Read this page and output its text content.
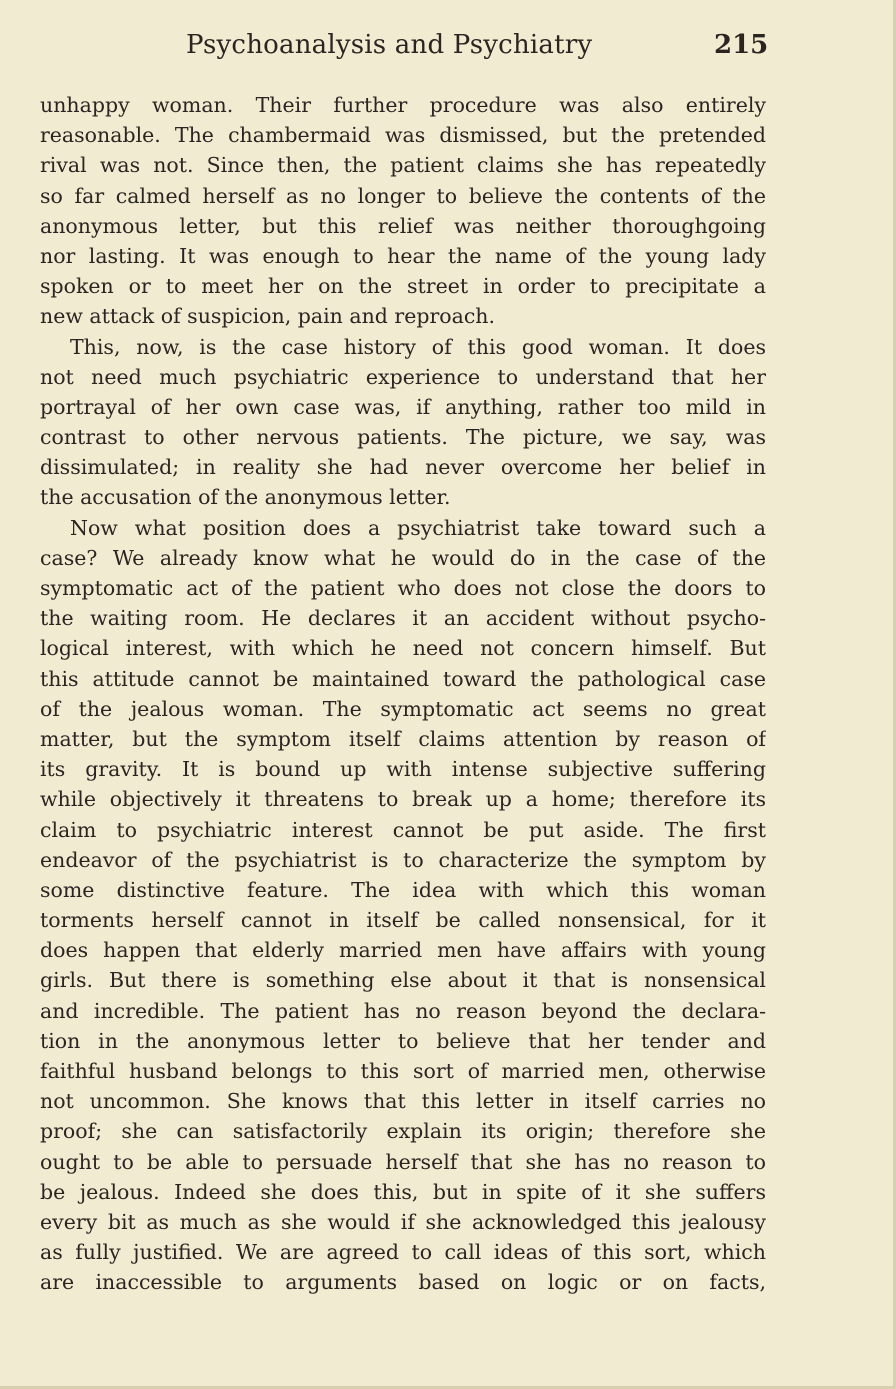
Psychoanalysis and Psychiatry	215
unhappy woman. Their further procedure was also entirely
reasonable. The chambermaid was dismissed, but the pretended
rival was not. Since then, the patient claims she has repeatedly
so far calmed herself as no longer to believe the contents of the
anonymous letter, but this relief was neither thoroughgoing
nor lasting. It was enough to hear the name of the young lady
spoken or to meet her on the street in order to precipitate a
new attack of suspicion, pain and reproach.
This, now, is the case history of this good woman. It does
not need much psychiatric experience to understand that her
portrayal of her own case was, if anything, rather too mild in
contrast to other nervous patients. The picture, we say, was
dissimulated; in reality she had never overcome her belief in
the accusation of the anonymous letter.
Now what position does a psychiatrist take toward such a
case? We already know what he would do in the case of the
symptomatic act of the patient who does not close the doors to
the waiting room. He declares it an accident without psycho-
logical interest, with which he need not concern himself. But
this attitude cannot be maintained toward the pathological case
of the jealous woman. The symptomatic act seems no great
matter, but the symptom itself claims attention by reason of
its gravity. It is bound up with intense subjective suffering
while objectively it threatens to break up a home; therefore its
claim to psychiatric interest cannot be put aside. The first
endeavor of the psychiatrist is to characterize the symptom by
some distinctive feature. The idea with which this woman
torments herself cannot in itself be called nonsensical, for it
does happen that elderly married men have affairs with young
girls. But there is something else about it that is nonsensical
and incredible. The patient has no reason beyond the declara-
tion in the anonymous letter to believe that her tender and
faithful husband belongs to this sort of married men, otherwise
not uncommon. She knows that this letter in itself carries no
proof; she can satisfactorily explain its origin; therefore she
ought to be able to persuade herself that she has no reason to
be jealous. Indeed she does this, but in spite of it she suffers
every bit as much as she would if she acknowledged this jealousy
as fully justified. We are agreed to call ideas of this sort, which
are inaccessible to arguments based on logic or on facts,
